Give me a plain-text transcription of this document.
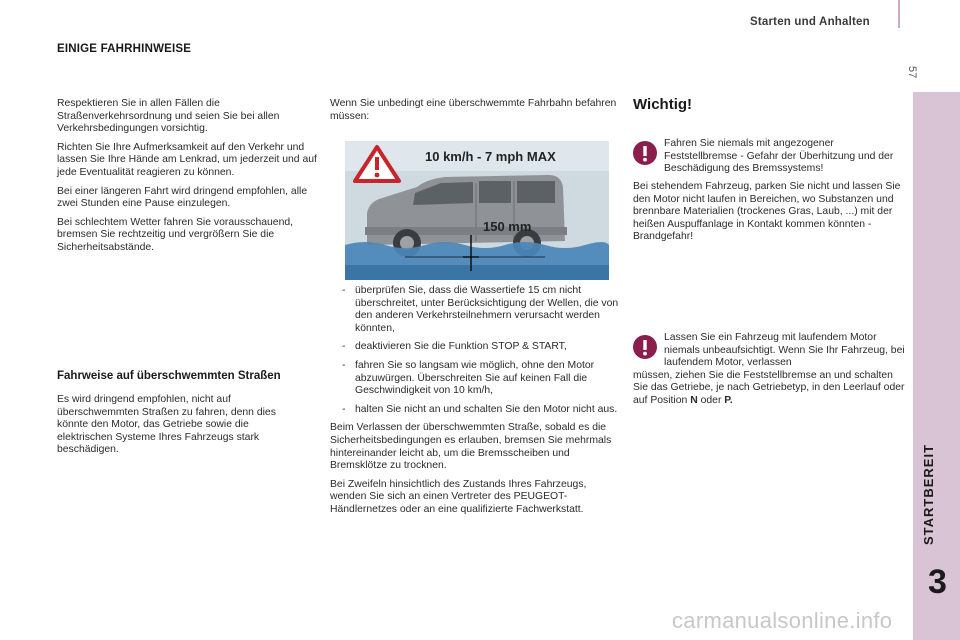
Starten und Anhalten
57
STARTBEREIT
3
EINIGE FAHRHINWEISE

Respektieren Sie in allen Fällen die Straßenverkehrsordnung und seien Sie bei allen Verkehrsbedingungen vorsichtig.

Richten Sie Ihre Aufmerksamkeit auf den Verkehr und lassen Sie Ihre Hände am Lenkrad, um jederzeit und auf jede Eventualität reagieren zu können.

Bei einer längeren Fahrt wird dringend empfohlen, alle zwei Stunden eine Pause einzulegen.

Bei schlechtem Wetter fahren Sie vorausschauend, bremsen Sie rechtzeitig und vergrößern Sie die Sicherheitsabstände.

Fahrweise auf überschwemmten Straßen

Es wird dringend empfohlen, nicht auf überschwemmten Straßen zu fahren, denn dies könnte den Motor, das Getriebe sowie die elektrischen Systeme Ihres Fahrzeugs stark beschädigen.

Wenn Sie unbedingt eine überschwemmte Fahrbahn befahren müssen:

10 km/h - 7 mph MAX
150 mm
- überprüfen Sie, dass die Wassertiefe 15 cm nicht überschreitet, unter Berücksichtigung der Wellen, die von den anderen Verkehrsteilnehmern verursacht werden könnten,
- deaktivieren Sie die Funktion STOP & START,
- fahren Sie so langsam wie möglich, ohne den Motor abzuwürgen. Überschreiten Sie auf keinen Fall die Geschwindigkeit von 10 km/h,
- halten Sie nicht an und schalten Sie den Motor nicht aus.

Beim Verlassen der überschwemmten Straße, sobald es die Sicherheitsbedingungen es erlauben, bremsen Sie mehrmals hintereinander leicht ab, um die Bremsscheiben und Bremsklötze zu trocknen.

Bei Zweifeln hinsichtlich des Zustands Ihres Fahrzeugs, wenden Sie sich an einen Vertreter des PEUGEOT-Händlernetzes oder an eine qualifizierte Fachwerkstatt.

Wichtig!

Fahren Sie niemals mit angezogener Feststellbremse - Gefahr der Überhitzung und der Beschädigung des Bremssystems!

Bei stehendem Fahrzeug, parken Sie nicht und lassen Sie den Motor nicht laufen in Bereichen, wo Substanzen und brennbare Materialien (trockenes Gras, Laub, ...) mit der heißen Auspuffanlage in Kontakt kommen könnten - Brandgefahr!

Lassen Sie ein Fahrzeug mit laufendem Motor niemals unbeaufsichtigt. Wenn Sie Ihr Fahrzeug, bei laufendem Motor, verlassen
müssen, ziehen Sie die Feststellbremse an und schalten Sie das Getriebe, je nach Getriebetyp, in den Leerlauf oder auf Position N oder P.
carmanualsonline.info
